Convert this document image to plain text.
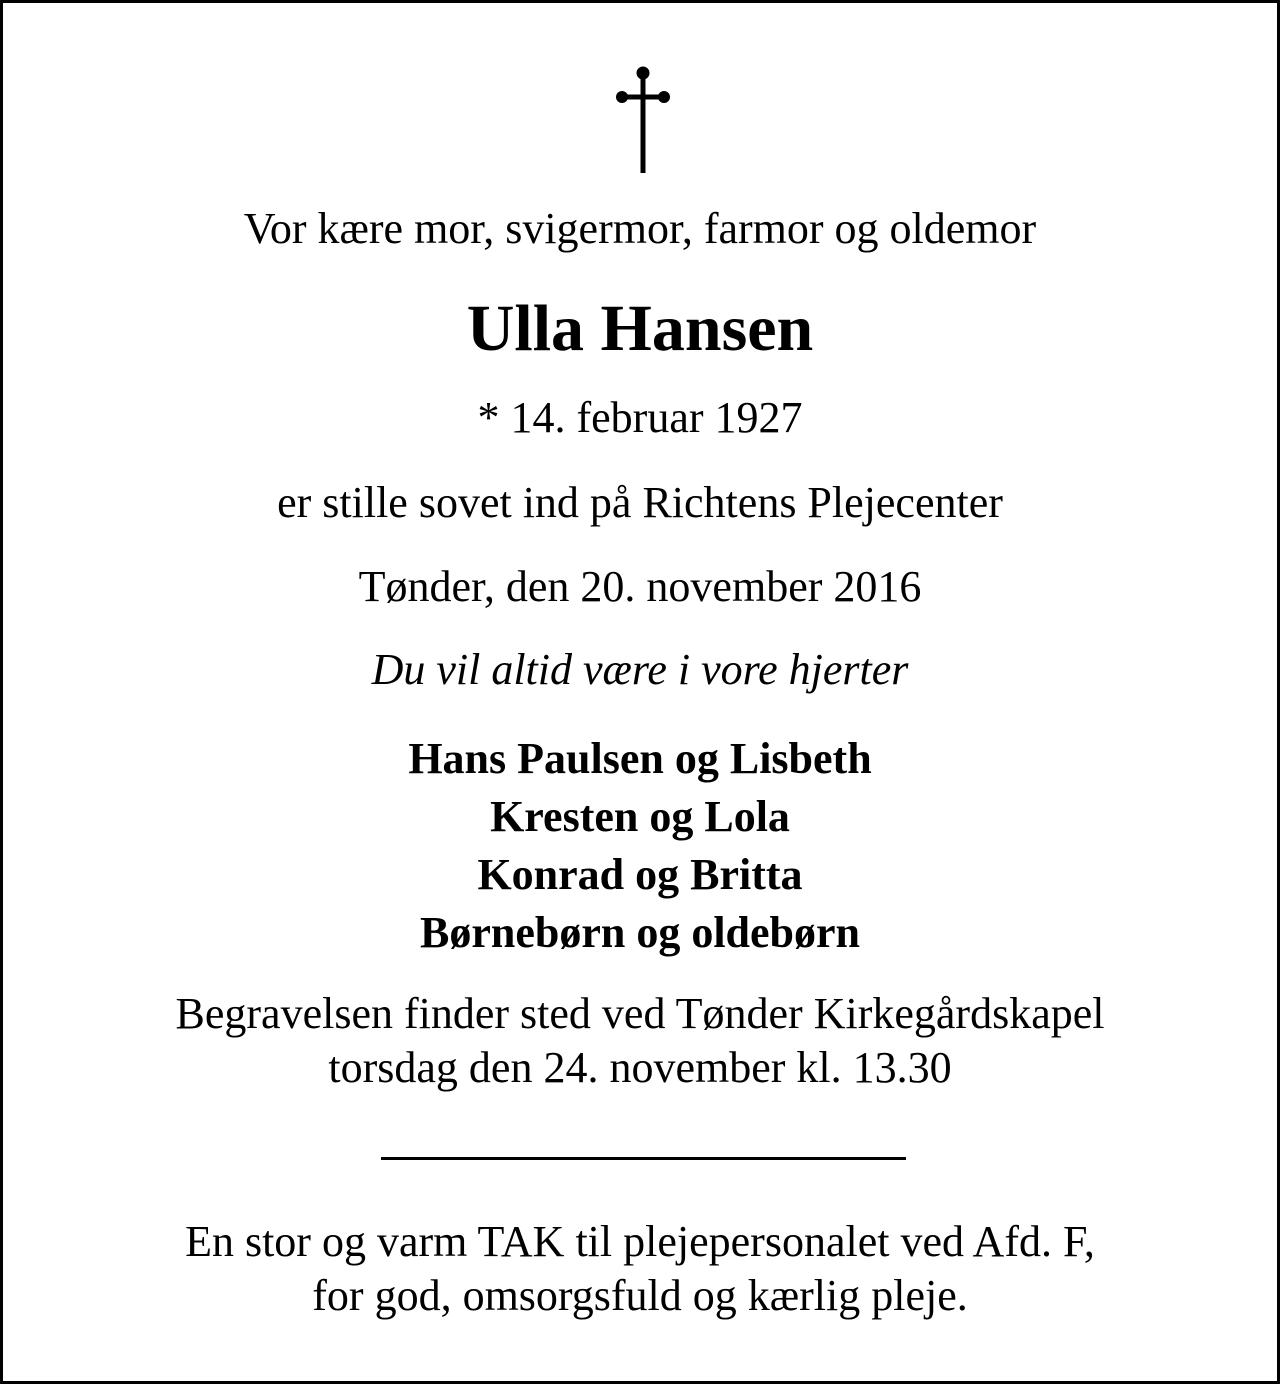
Vor kære mor, svigermor, farmor og oldemor
Ulla Hansen
* 14. februar 1927
er stille sovet ind på Richtens Plejecenter
Tønder, den 20. november 2016
Du vil altid være i vore hjerter
Hans Paulsen og Lisbeth
Kresten og Lola
Konrad og Britta
Børnebørn og oldebørn
Begravelsen finder sted ved Tønder Kirkegårdskapel
torsdag den 24. november kl. 13.30
En stor og varm TAK til plejepersonalet ved Afd. F,
for god, omsorgsfuld og kærlig pleje.
